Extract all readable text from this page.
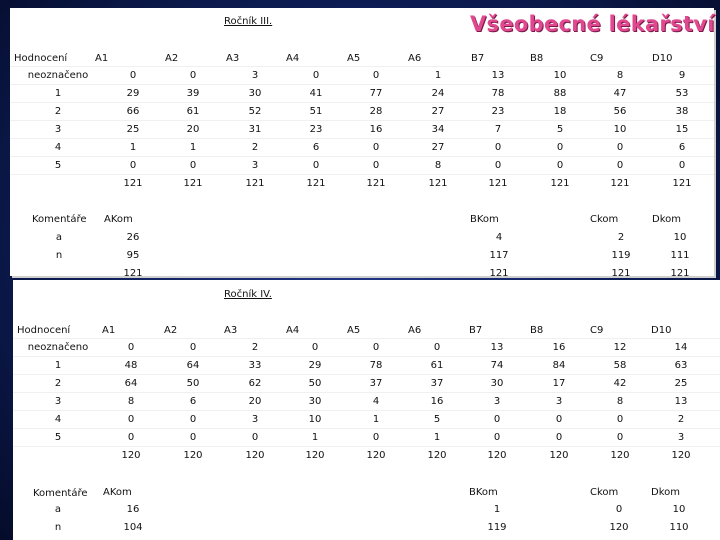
Ročník III.
Hodnocení	A1	A2	A3	A4	A5	A6	B7	B8	C9	D10
neoznačeno	0	0	3	0	0	1	13	10	8	9
1	29	39	30	41	77	24	78	88	47	53
2	66	61	52	51	28	27	23	18	56	38
3	25	20	31	23	16	34	7	5	10	15
4	1	1	2	6	0	27	0	0	0	6
5	0	0	3	0	0	8	0	0	0	0
121	121	121	121	121	121	121	121	121	121
Komentáře AKom	BKom	Ckom	Dkom
a	26	4	2	10
n	95	117	119	111
121	121	121	121
Všeobecné lékařství
Ročník IV.
Hodnocení	A1	A2	A3	A4	A5	A6	B7	B8	C9	D10
neoznačeno	0	0	2	0	0	0	13	16	12	14
1	48	64	33	29	78	61	74	84	58	63
2	64	50	62	50	37	37	30	17	42	25
3	8	6	20	30	4	16	3	3	8	13
4	0	0	3	10	1	5	0	0	0	2
5	0	0	0	1	0	1	0	0	0	3
120	120	120	120	120	120	120	120	120	120
Komentáře AKom	BKom	Ckom	Dkom
a	16	1	0	10
n	104	119	120	110
